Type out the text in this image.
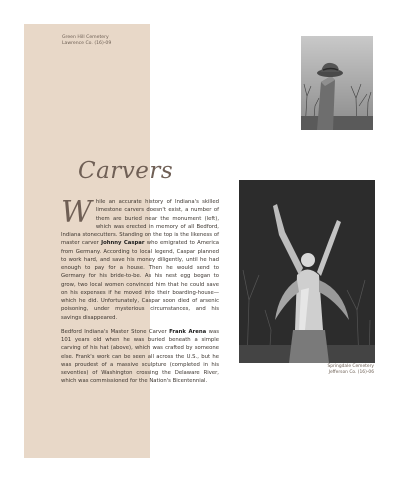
Green Hill Cemetery
Lawrence Co. (16)-09
Carvers
Springdale Cemetery
Jefferson Co. (16)-06

While an accurate history of Indiana's skilled limestone carvers doesn't exist, a number of them are buried near the monument (left), which was erected in memory of all Bedford, Indiana stonecutters. Standing on the top is the likeness of master carver Johnny Caspar who emigrated to America from Germany. According to local legend, Caspar planned to work hard, and save his money diligently, until he had enough to pay for a house. Then he would send to Germany for his bride-to-be. As his nest egg began to grow, two local women convinced him that he could save on his expenses if he moved into their boarding-house—which he did. Unfortunately, Caspar soon died of arsenic poisoning, under mysterious circumstances, and his savings disappeared.

Bedford Indiana's Master Stone Carver Frank Arena was 101 years old when he was buried beneath a simple carving of his hat (above), which was crafted by someone else. Frank's work can be seen all across the U.S., but he was proudest of a massive sculpture (completed in his seventies) of Washington crossing the Delaware River, which was commissioned for the Nation's Bicentennial.
